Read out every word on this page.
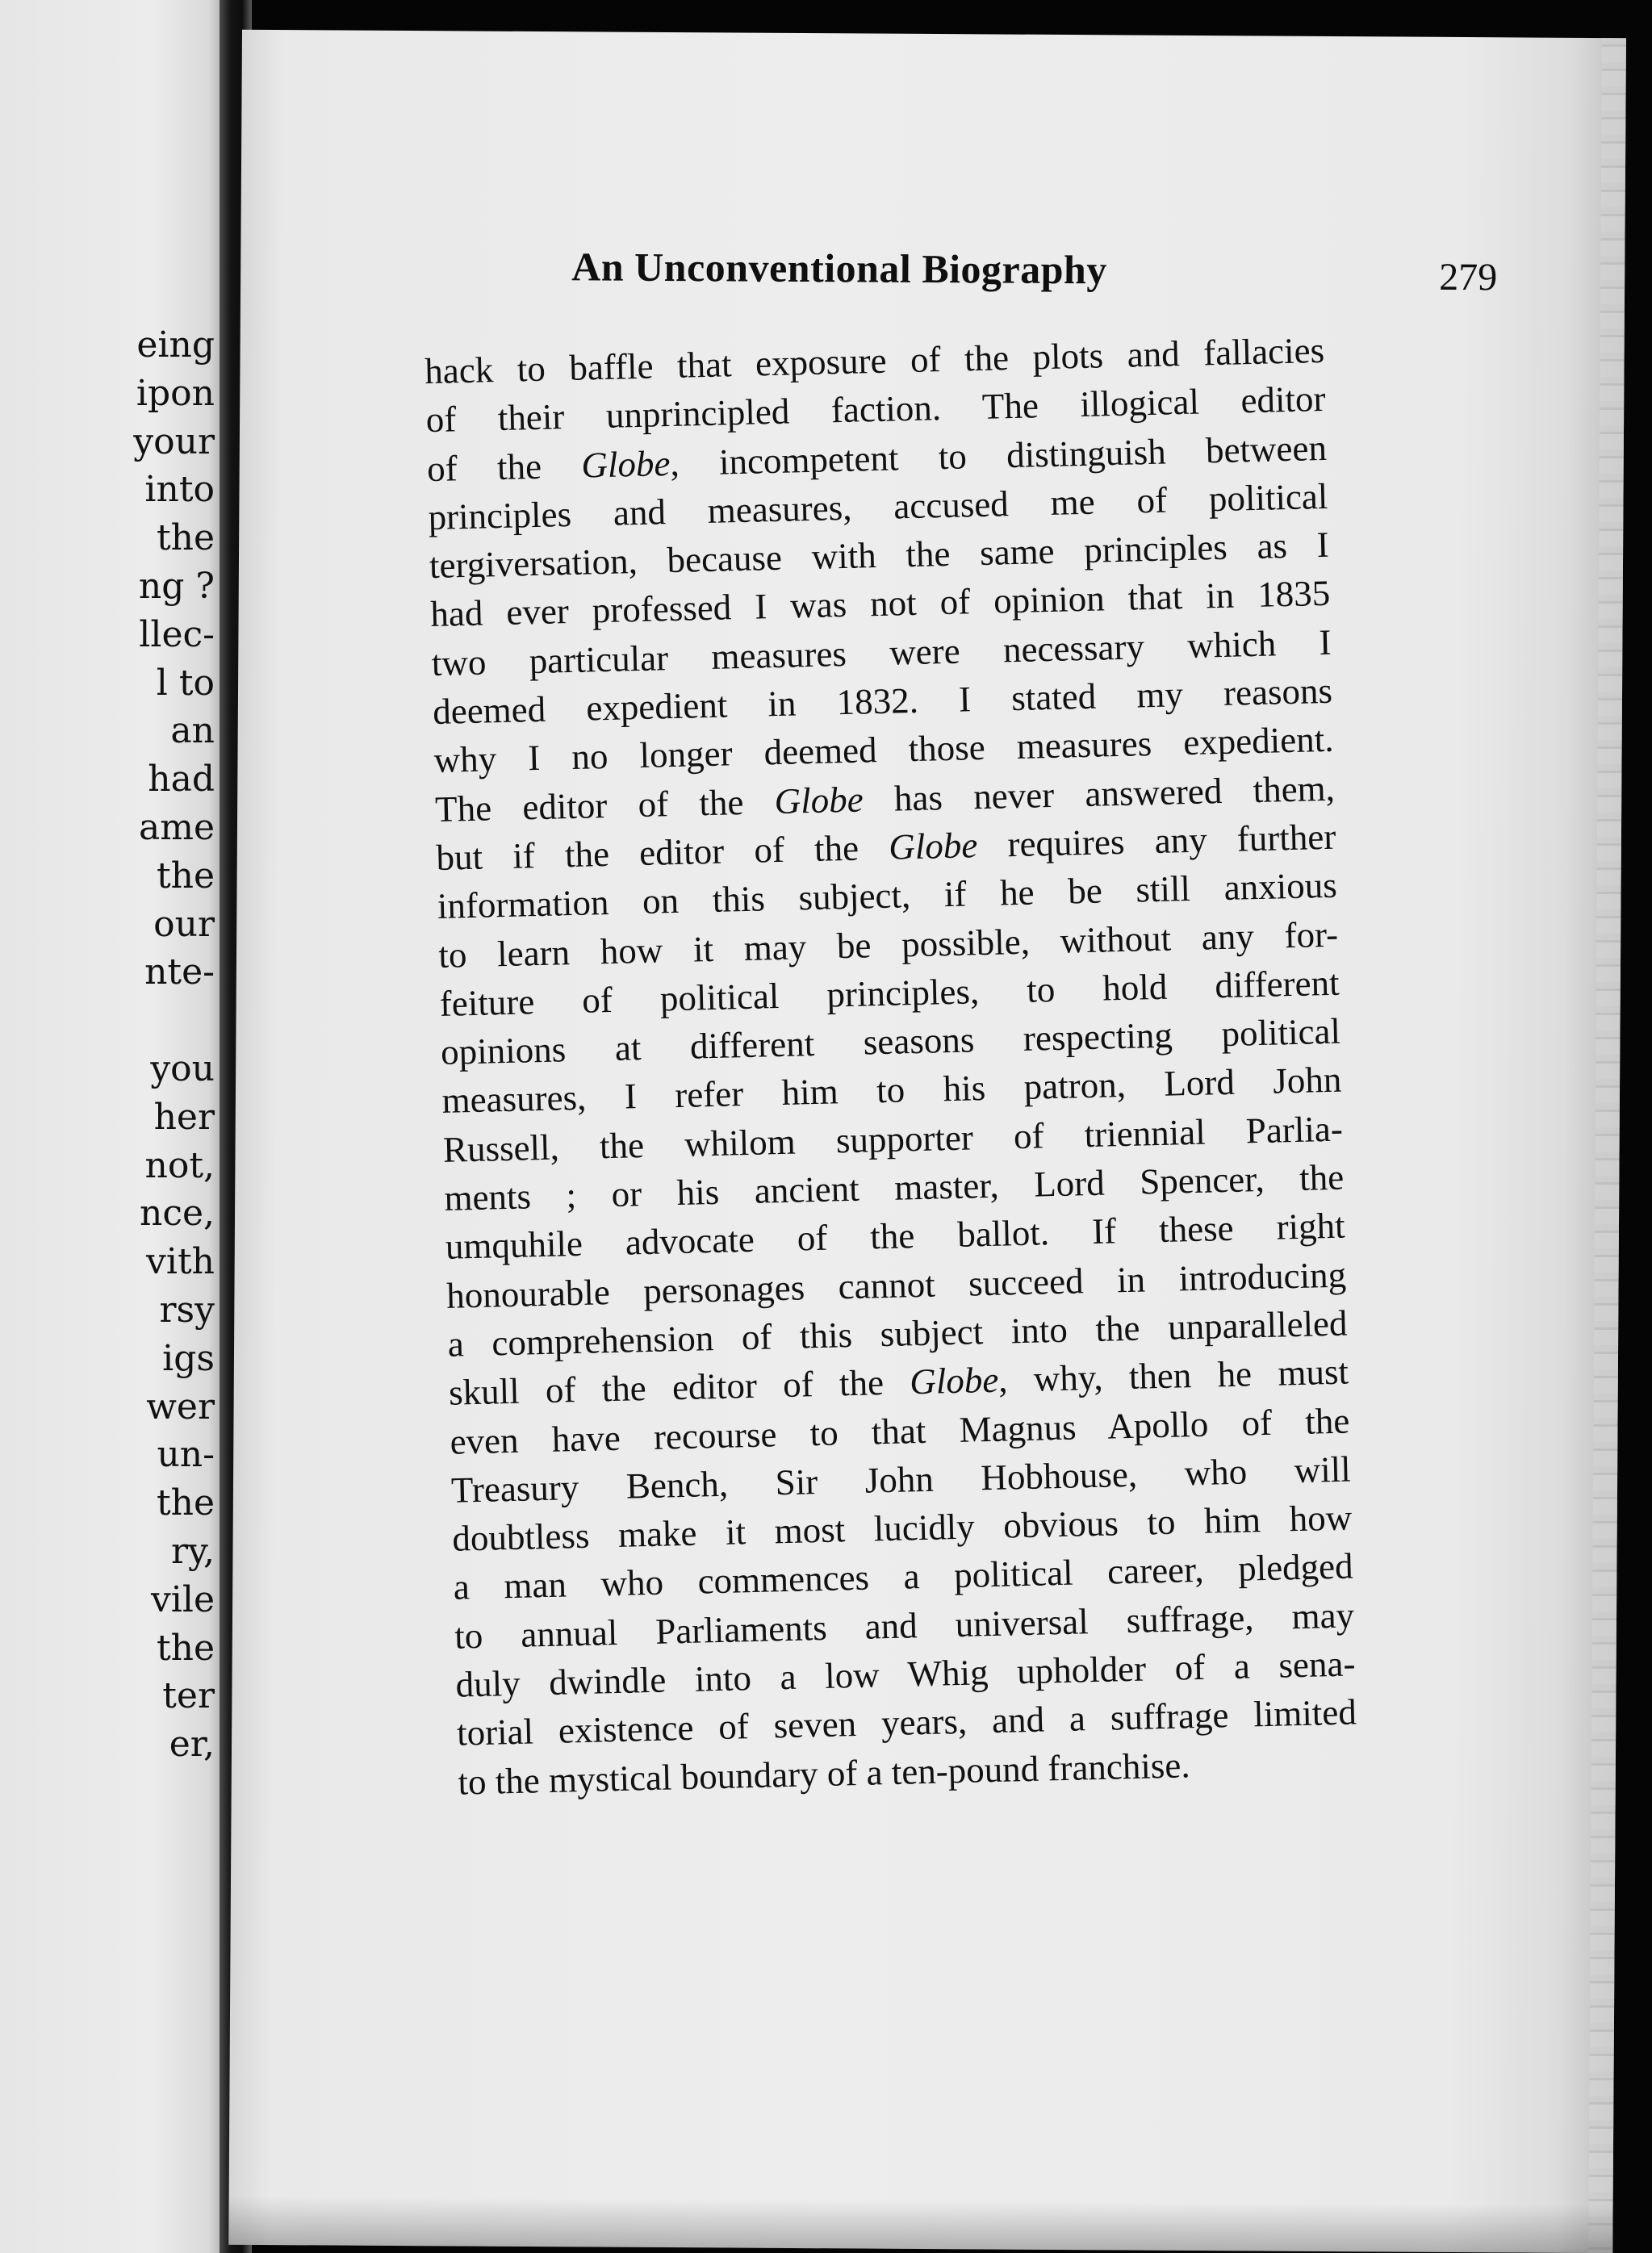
eing
ipon
your
into
the
ng ?
llec-
l to
an
had
ame
the
our
nte-
you
her
not,
nce,
vith
rsy
igs
wer
un-
the
ry,
vile
the
ter
er,
An Unconventional Biography	279
hack to baffle that exposure of the plots and fallacies
of their unprincipled faction. The illogical editor
of the Globe, incompetent to distinguish between
principles and measures, accused me of political
tergiversation, because with the same principles as I
had ever professed I was not of opinion that in 1835
two particular measures were necessary which I
deemed expedient in 1832. I stated my reasons
why I no longer deemed those measures expedient.
The editor of the Globe has never answered them,
but if the editor of the Globe requires any further
information on this subject, if he be still anxious
to learn how it may be possible, without any for-
feiture of political principles, to hold different
opinions at different seasons respecting political
measures, I refer him to his patron, Lord John
Russell, the whilom supporter of triennial Parlia-
ments ; or his ancient master, Lord Spencer, the
umquhile advocate of the ballot. If these right
honourable personages cannot succeed in introducing
a comprehension of this subject into the unparalleled
skull of the editor of the Globe, why, then he must
even have recourse to that Magnus Apollo of the
Treasury Bench, Sir John Hobhouse, who will
doubtless make it most lucidly obvious to him how
a man who commences a political career, pledged
to annual Parliaments and universal suffrage, may
duly dwindle into a low Whig upholder of a sena-
torial existence of seven years, and a suffrage limited
to the mystical boundary of a ten-pound franchise.
